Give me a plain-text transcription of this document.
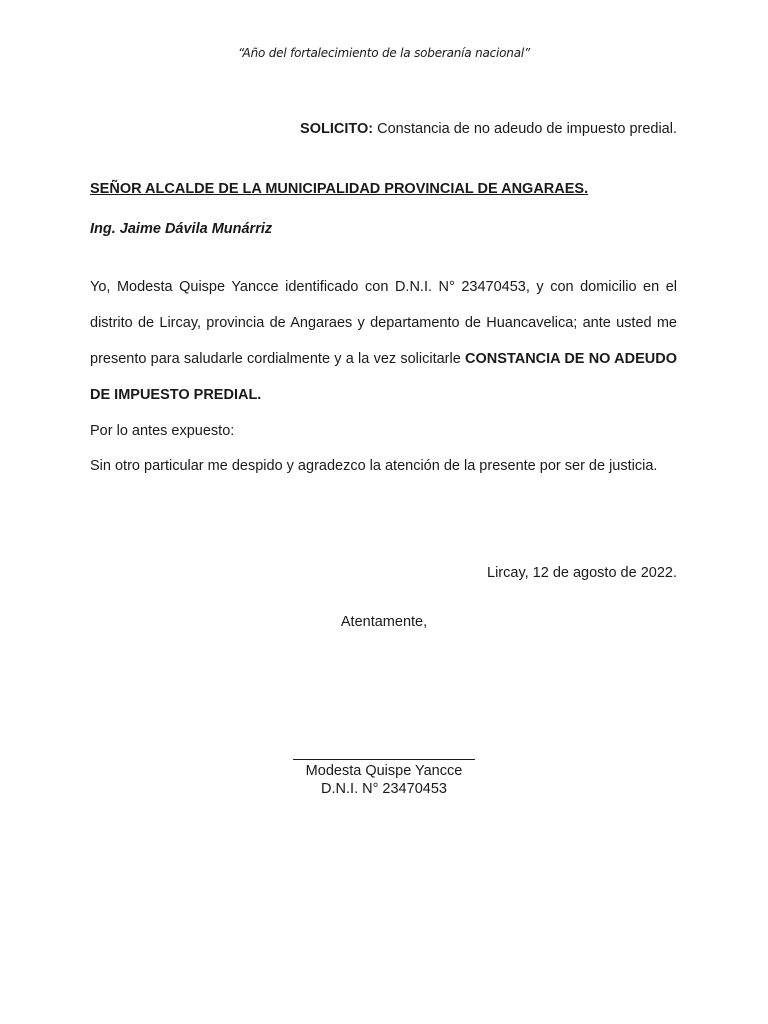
“Año del fortalecimiento de la soberanía nacional”
SOLICITO: Constancia de no adeudo de impuesto predial.
SEÑOR ALCALDE DE LA MUNICIPALIDAD PROVINCIAL DE ANGARAES.
Ing. Jaime Dávila Munárriz
Yo, Modesta Quispe Yancce identificado con D.N.I. N° 23470453, y con domicilio en el distrito de Lircay, provincia de Angaraes y departamento de Huancavelica; ante usted me presento para saludarle cordialmente y a la vez solicitarle CONSTANCIA DE NO ADEUDO DE IMPUESTO PREDIAL.
Por lo antes expuesto:
Sin otro particular me despido y agradezco la atención de la presente por ser de justicia.
Lircay, 12 de agosto de 2022.
Atentamente,
Modesta Quispe Yancce
D.N.I. N° 23470453
